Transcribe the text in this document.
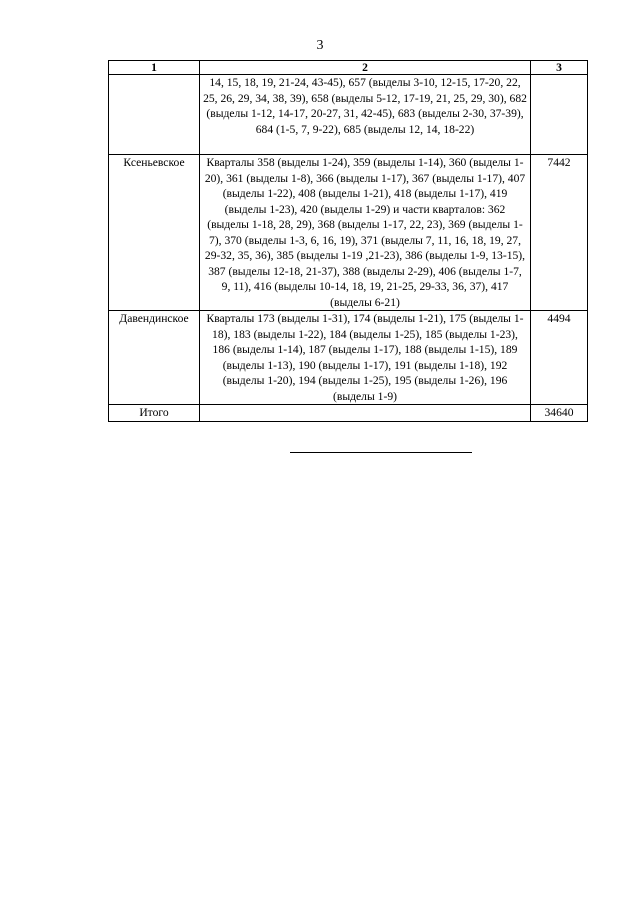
3
1	2	3
	14, 15, 18, 19, 21-24, 43-45), 657 (выделы 3-10, 12-15, 17-20, 22, 25, 26, 29, 34, 38, 39), 658 (выделы 5-12, 17-19, 21, 25, 29, 30), 682 (выделы 1-12, 14-17, 20-27, 31, 42-45), 683 (выделы 2-30, 37-39), 684 (1-5, 7, 9-22), 685 (выделы 12, 14, 18-22)	
Ксеньевское	Кварталы 358 (выделы 1-24), 359 (выделы 1-14), 360 (выделы 1-20), 361 (выделы 1-8), 366 (выделы 1-17), 367 (выделы 1-17), 407 (выделы 1-22), 408 (выделы 1-21), 418 (выделы 1-17), 419 (выделы 1-23), 420 (выделы 1-29) и части кварталов: 362 (выделы 1-18, 28, 29), 368 (выделы 1-17, 22, 23), 369 (выделы 1-7), 370 (выделы 1-3, 6, 16, 19), 371 (выделы 7, 11, 16, 18, 19, 27, 29-32, 35, 36), 385 (выделы 1-19 ,21-23), 386 (выделы 1-9, 13-15), 387 (выделы 12-18, 21-37), 388 (выделы 2-29), 406 (выделы 1-7, 9, 11), 416 (выделы 10-14, 18, 19, 21-25, 29-33, 36, 37), 417 (выделы 6-21)	7442
Давендинское	Кварталы 173 (выделы 1-31), 174 (выделы 1-21), 175 (выделы 1-18), 183 (выделы 1-22), 184 (выделы 1-25), 185 (выделы 1-23), 186 (выделы 1-14), 187 (выделы 1-17), 188 (выделы 1-15), 189 (выделы 1-13), 190 (выделы 1-17), 191 (выделы 1-18), 192 (выделы 1-20), 194 (выделы 1-25), 195 (выделы 1-26), 196 (выделы 1-9)	4494
Итого		34640
